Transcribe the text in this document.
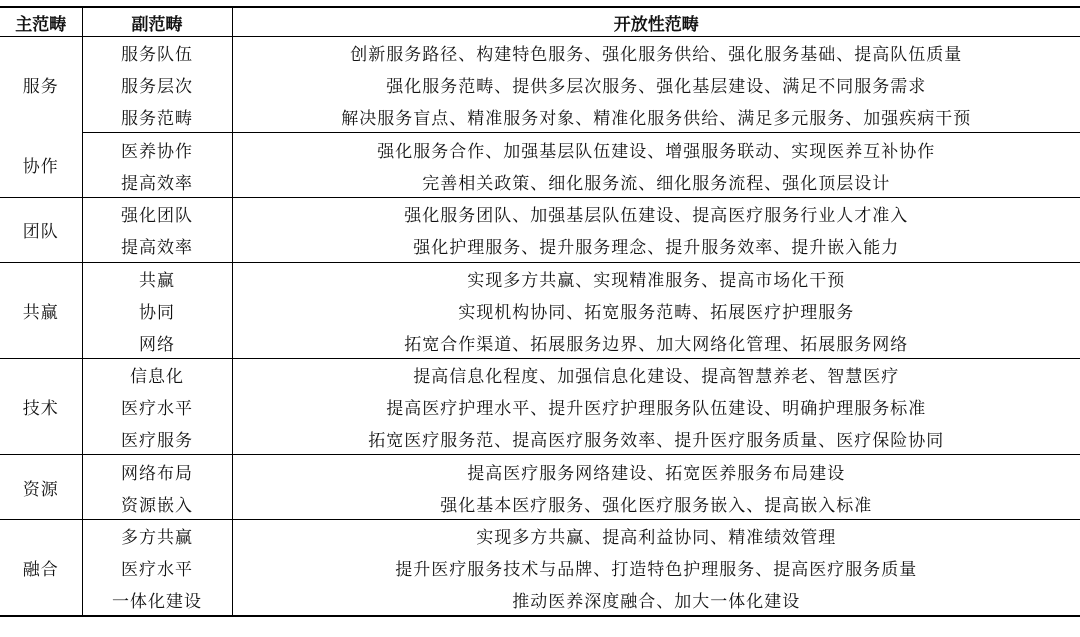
主范畴	副范畴	开放性范畴
服务	服务队伍	创新服务路径、构建特色服务、强化服务供给、强化服务基础、提高队伍质量
	服务层次	强化服务范畴、提供多层次服务、强化基层建设、满足不同服务需求
	服务范畴	解决服务盲点、精准服务对象、精准化服务供给、满足多元服务、加强疾病干预
协作	医养协作	强化服务合作、加强基层队伍建设、增强服务联动、实现医养互补协作
	提高效率	完善相关政策、细化服务流、细化服务流程、强化顶层设计
团队	强化团队	强化服务团队、加强基层队伍建设、提高医疗服务行业人才准入
	提高效率	强化护理服务、提升服务理念、提升服务效率、提升嵌入能力
共赢	共赢	实现多方共赢、实现精准服务、提高市场化干预
	协同	实现机构协同、拓宽服务范畴、拓展医疗护理服务
	网络	拓宽合作渠道、拓展服务边界、加大网络化管理、拓展服务网络
技术	信息化	提高信息化程度、加强信息化建设、提高智慧养老、智慧医疗
	医疗水平	提高医疗护理水平、提升医疗护理服务队伍建设、明确护理服务标准
	医疗服务	拓宽医疗服务范、提高医疗服务效率、提升医疗服务质量、医疗保险协同
资源	网络布局	提高医疗服务网络建设、拓宽医养服务布局建设
	资源嵌入	强化基本医疗服务、强化医疗服务嵌入、提高嵌入标准
融合	多方共赢	实现多方共赢、提高利益协同、精准绩效管理
	医疗水平	提升医疗服务技术与品牌、打造特色护理服务、提高医疗服务质量
	一体化建设	推动医养深度融合、加大一体化建设
